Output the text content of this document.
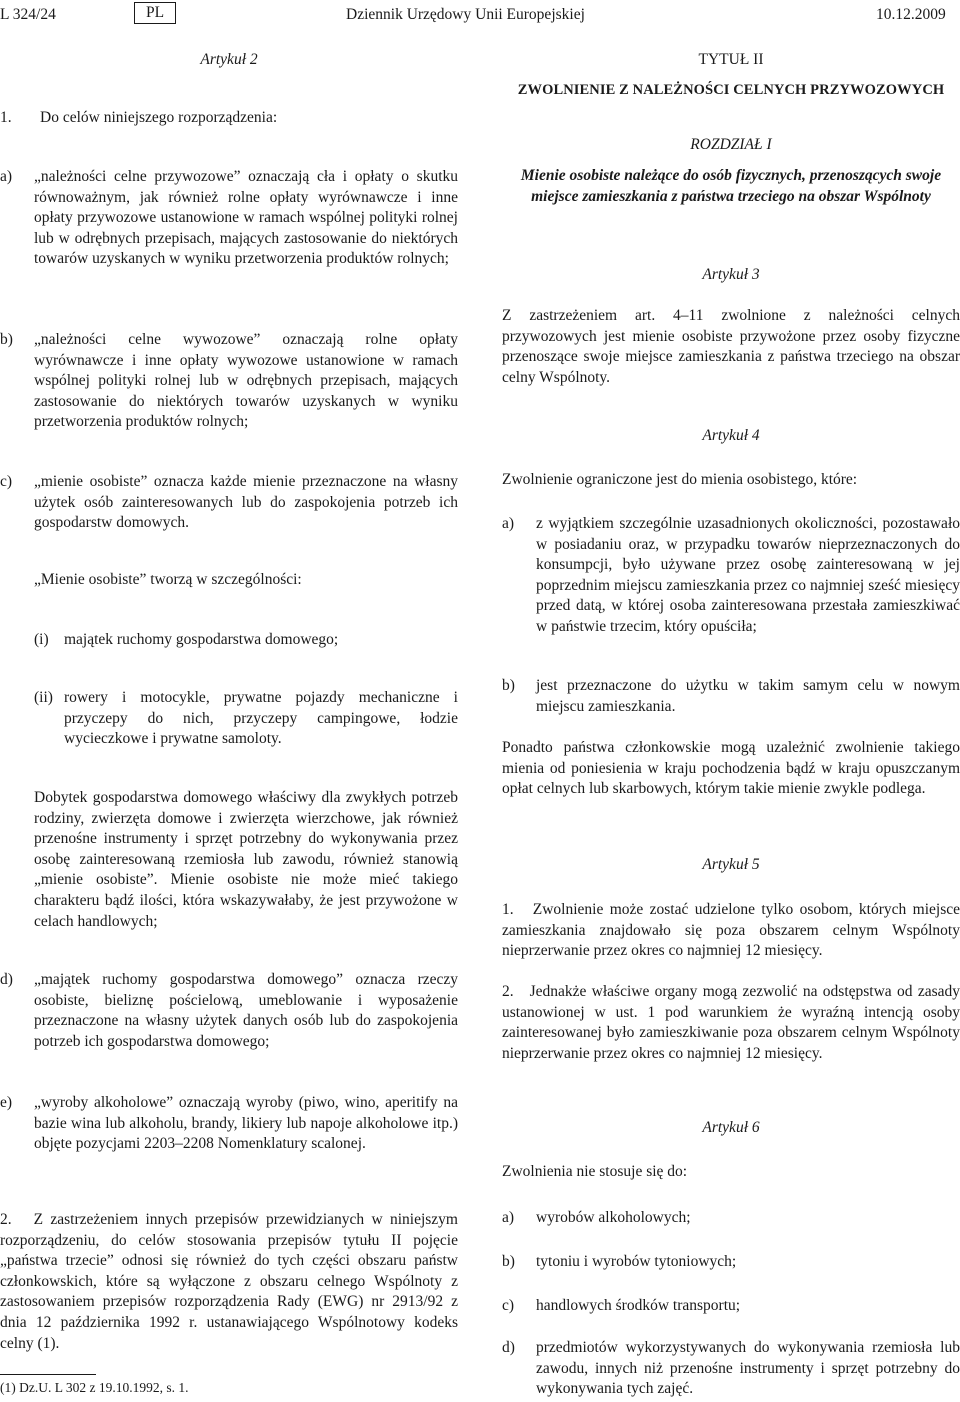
L 324/24	PL	Dziennik Urzędowy Unii Europejskiej	10.12.2009
Artykuł 2
1. Do celów niniejszego rozporządzenia:
a) „należności celne przywozowe” oznaczają cła i opłaty o skutku równoważnym, jak również rolne opłaty wyrównawcze i inne opłaty przywozowe ustanowione w ramach wspólnej polityki rolnej lub w odrębnych przepisach, mających zastosowanie do niektórych towarów uzyskanych w wyniku przetworzenia produktów rolnych;
b) „należności celne wywozowe” oznaczają rolne opłaty wyrównawcze i inne opłaty wywozowe ustanowione w ramach wspólnej polityki rolnej lub w odrębnych przepisach, mających zastosowanie do niektórych towarów uzyskanych w wyniku przetworzenia produktów rolnych;
c) „mienie osobiste” oznacza każde mienie przeznaczone na własny użytek osób zainteresowanych lub do zaspokojenia potrzeb ich gospodarstw domowych.
„Mienie osobiste” tworzą w szczególności:
(i) majątek ruchomy gospodarstwa domowego;
(ii) rowery i motocykle, prywatne pojazdy mechaniczne i przyczepy do nich, przyczepy campingowe, łodzie wycieczkowe i prywatne samoloty.
Dobytek gospodarstwa domowego właściwy dla zwykłych potrzeb rodziny, zwierzęta domowe i zwierzęta wierzchowe, jak również przenośne instrumenty i sprzęt potrzebny do wykonywania przez osobę zainteresowaną rzemiosła lub zawodu, również stanowią „mienie osobiste”. Mienie osobiste nie może mieć takiego charakteru bądź ilości, która wskazywałaby, że jest przywożone w celach handlowych;
d) „majątek ruchomy gospodarstwa domowego” oznacza rzeczy osobiste, bieliznę pościelową, umeblowanie i wyposażenie przeznaczone na własny użytek danych osób lub do zaspokojenia potrzeb ich gospodarstwa domowego;
e) „wyroby alkoholowe” oznaczają wyroby (piwo, wino, aperitify na bazie wina lub alkoholu, brandy, likiery lub napoje alkoholowe itp.) objęte pozycjami 2203–2208 Nomenklatury scalonej.
2. Z zastrzeżeniem innych przepisów przewidzianych w niniejszym rozporządzeniu, do celów stosowania przepisów tytułu II pojęcie „państwa trzecie” odnosi się również do tych części obszaru państw członkowskich, które są wyłączone z obszaru celnego Wspólnoty z zastosowaniem przepisów rozporządzenia Rady (EWG) nr 2913/92 z dnia 12 października 1992 r. ustanawiającego Wspólnotowy kodeks celny (1).
(1) Dz.U. L 302 z 19.10.1992, s. 1.
TYTUŁ II
ZWOLNIENIE Z NALEŻNOŚCI CELNYCH PRZYWOZOWYCH
ROZDZIAŁ I
Mienie osobiste należące do osób fizycznych, przenoszących swoje miejsce zamieszkania z państwa trzeciego na obszar Wspólnoty
Artykuł 3
Z zastrzeżeniem art. 4–11 zwolnione z należności celnych przywozowych jest mienie osobiste przywożone przez osoby fizyczne przenoszące swoje miejsce zamieszkania z państwa trzeciego na obszar celny Wspólnoty.
Artykuł 4
Zwolnienie ograniczone jest do mienia osobistego, które:
a) z wyjątkiem szczególnie uzasadnionych okoliczności, pozostawało w posiadaniu oraz, w przypadku towarów nieprzeznaczonych do konsumpcji, było używane przez osobę zainteresowaną w jej poprzednim miejscu zamieszkania przez co najmniej sześć miesięcy przed datą, w której osoba zainteresowana przestała zamieszkiwać w państwie trzecim, który opuściła;
b) jest przeznaczone do użytku w takim samym celu w nowym miejscu zamieszkania.
Ponadto państwa członkowskie mogą uzależnić zwolnienie takiego mienia od poniesienia w kraju pochodzenia bądź w kraju opuszczanym opłat celnych lub skarbowych, którym takie mienie zwykle podlega.
Artykuł 5
1.   Zwolnienie może zostać udzielone tylko osobom, których miejsce zamieszkania znajdowało się poza obszarem celnym Wspólnoty nieprzerwanie przez okres co najmniej 12 miesięcy.
2.   Jednakże właściwe organy mogą zezwolić na odstępstwa od zasady ustanowionej w ust. 1 pod warunkiem że wyraźną intencją osoby zainteresowanej było zamieszkiwanie poza obszarem celnym Wspólnoty nieprzerwanie przez okres co najmniej 12 miesięcy.
Artykuł 6
Zwolnienia nie stosuje się do:
a) wyrobów alkoholowych;
b) tytoniu i wyrobów tytoniowych;
c) handlowych środków transportu;
d) przedmiotów wykorzystywanych do wykonywania rzemiosła lub zawodu, innych niż przenośne instrumenty i sprzęt potrzebny do wykonywania tych zajęć.
